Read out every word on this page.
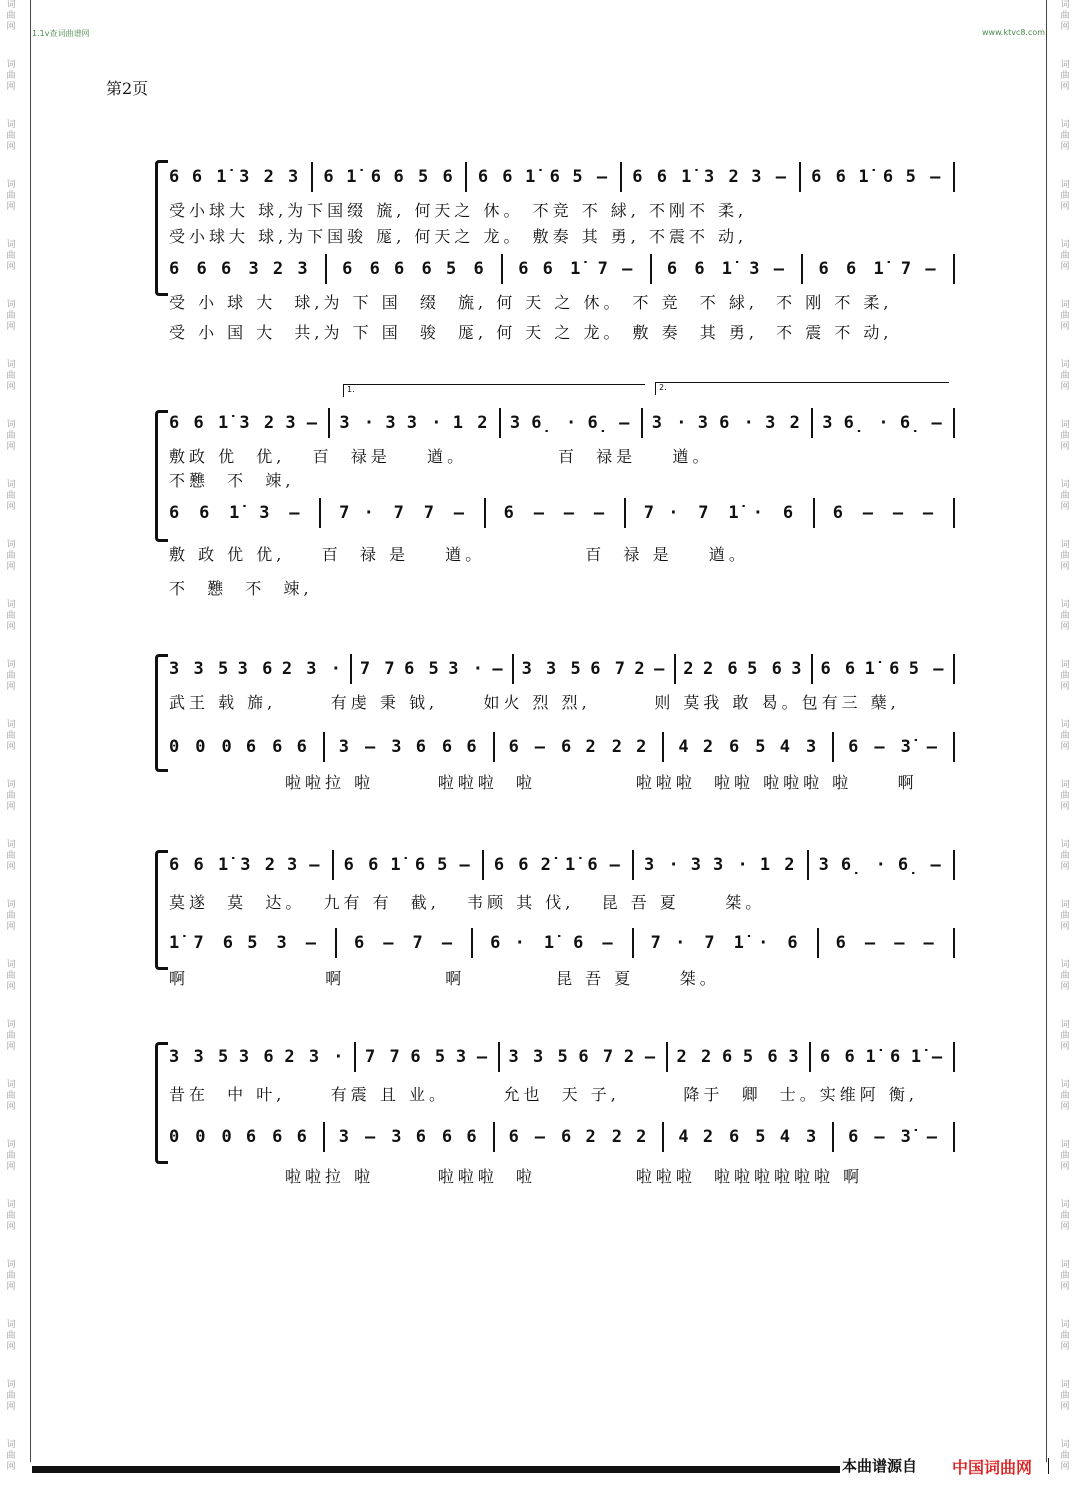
词
曲
网
词
曲
网
词
曲
网
词
曲
网
词
曲
网
词
曲
网
词
曲
网
词
曲
网
词
曲
网
词
曲
网
词
曲
网
词
曲
网
词
曲
网
词
曲
网
词
曲
网
词
曲
网
词
曲
网
词
曲
网
词
曲
网
词
曲
网
词
曲
网
词
曲
网
词
曲
网
词
曲
网
词
曲
网
词
曲
网
词
曲
网
词
曲
网
词
曲
网
词
曲
网
词
曲
网
词
曲
网
词
曲
网
词
曲
网
词
曲
网
词
曲
网
词
曲
网
词
曲
网
词
曲
网
词
曲
网
词
曲
网
词
曲
网
词
曲
网
词
曲
网
词
曲
网
词
曲
网
词
曲
网
词
曲
网
词
曲
网
词
曲
网
1.1v查词曲谱网	www.ktvc8.com
第2页
6 6 1̇ 3 2 3 6 1̇ 6 6 5 6 6 6 1̇ 6 5 – 6 6 1̇ 3 2 3 – 6 6 1̇ 6 5 –
受小球大 球,为下国缀 旒, 何天之 休。 不竞 不 絿, 不刚不 柔,
受小球大 球,为下国骏 厖, 何天之 龙。 敷奏 其 勇, 不震不 动,
6 6 6 3 2 3 6 6 6 6 5 6 6 6 1̇ 7 – 6 6 1̇ 3 – 6 6 1̇ 7 –
受 小 球 大  球,为 下 国  缀  旒, 何 天 之 休。 不 竞  不 絿,  不 刚 不 柔,
受 小 国 大  共,为 下 国  骏  厖, 何 天 之 龙。 敷 奏  其 勇,  不 震 不 动,
1.	2.
6 6 1̇ 3 2 3 – 3 · 3 3 · 1 2 3 6̣ · 6̣ – 3 · 3 6 · 3 2 3 6̣ · 6̣ –
敷政 优  优,   百  禄是    遒。          百  禄是    遒。
不戁  不  竦,
6 6 1̇ 3 – 7 · 7 7 – 6 – – – 7 · 7 1̇ · 6 6 – – –
敷 政 优 优,    百  禄 是    遒。           百  禄 是    遒。
不  戁  不  竦,
3 3 5 3 6 2 3 · 7 7 6 5 3 · – 3 3 5 6 7 2 – 2 2 6 5 6 3 6 6 1̇ 6 5 –
武王 载 旆,      有虔 秉 钺,     如火 烈 烈,       则 莫我 敢 曷。包有三 蘖,
0 0 0 6 6 6 3 – 3 6 6 6 6 – 6 2 2 2 4 2 6 5 4 3 6 – 3̇ –
啦啦拉 啦       啦啦啦  啦           啦啦啦  啦啦 啦啦啦 啦     啊
6 6 1̇ 3 2 3 – 6 6 1̇ 6 5 – 6 6 2̇ 1̇ 6 – 3 · 3 3 · 1 2 3 6̣ · 6̣ –
莫遂  莫  达。  九有 有  截,   韦顾 其 伐,   昆 吾 夏     桀。
1̇ 7 6 5 3 – 6 – 7 – 6 · 1̇ 6 – 7 · 7 1̇ · 6 6 – – –
啊               啊           啊          昆 吾 夏     桀。
3 3 5 3 6 2 3 · 7 7 6 5 3 – 3 3 5 6 7 2 – 2 2 6 5 6 3 6 6 1̇ 6 1̇ –
昔在  中 叶,     有震 且 业。      允也  天 子,       降于  卿  士。实维阿 衡,
0 0 0 6 6 6 3 – 3 6 6 6 6 – 6 2 2 2 4 2 6 5 4 3 6 – 3̇ –
啦啦拉 啦       啦啦啦  啦           啦啦啦  啦啦啦啦啦啦 啊
本曲谱源自 中国词曲网
